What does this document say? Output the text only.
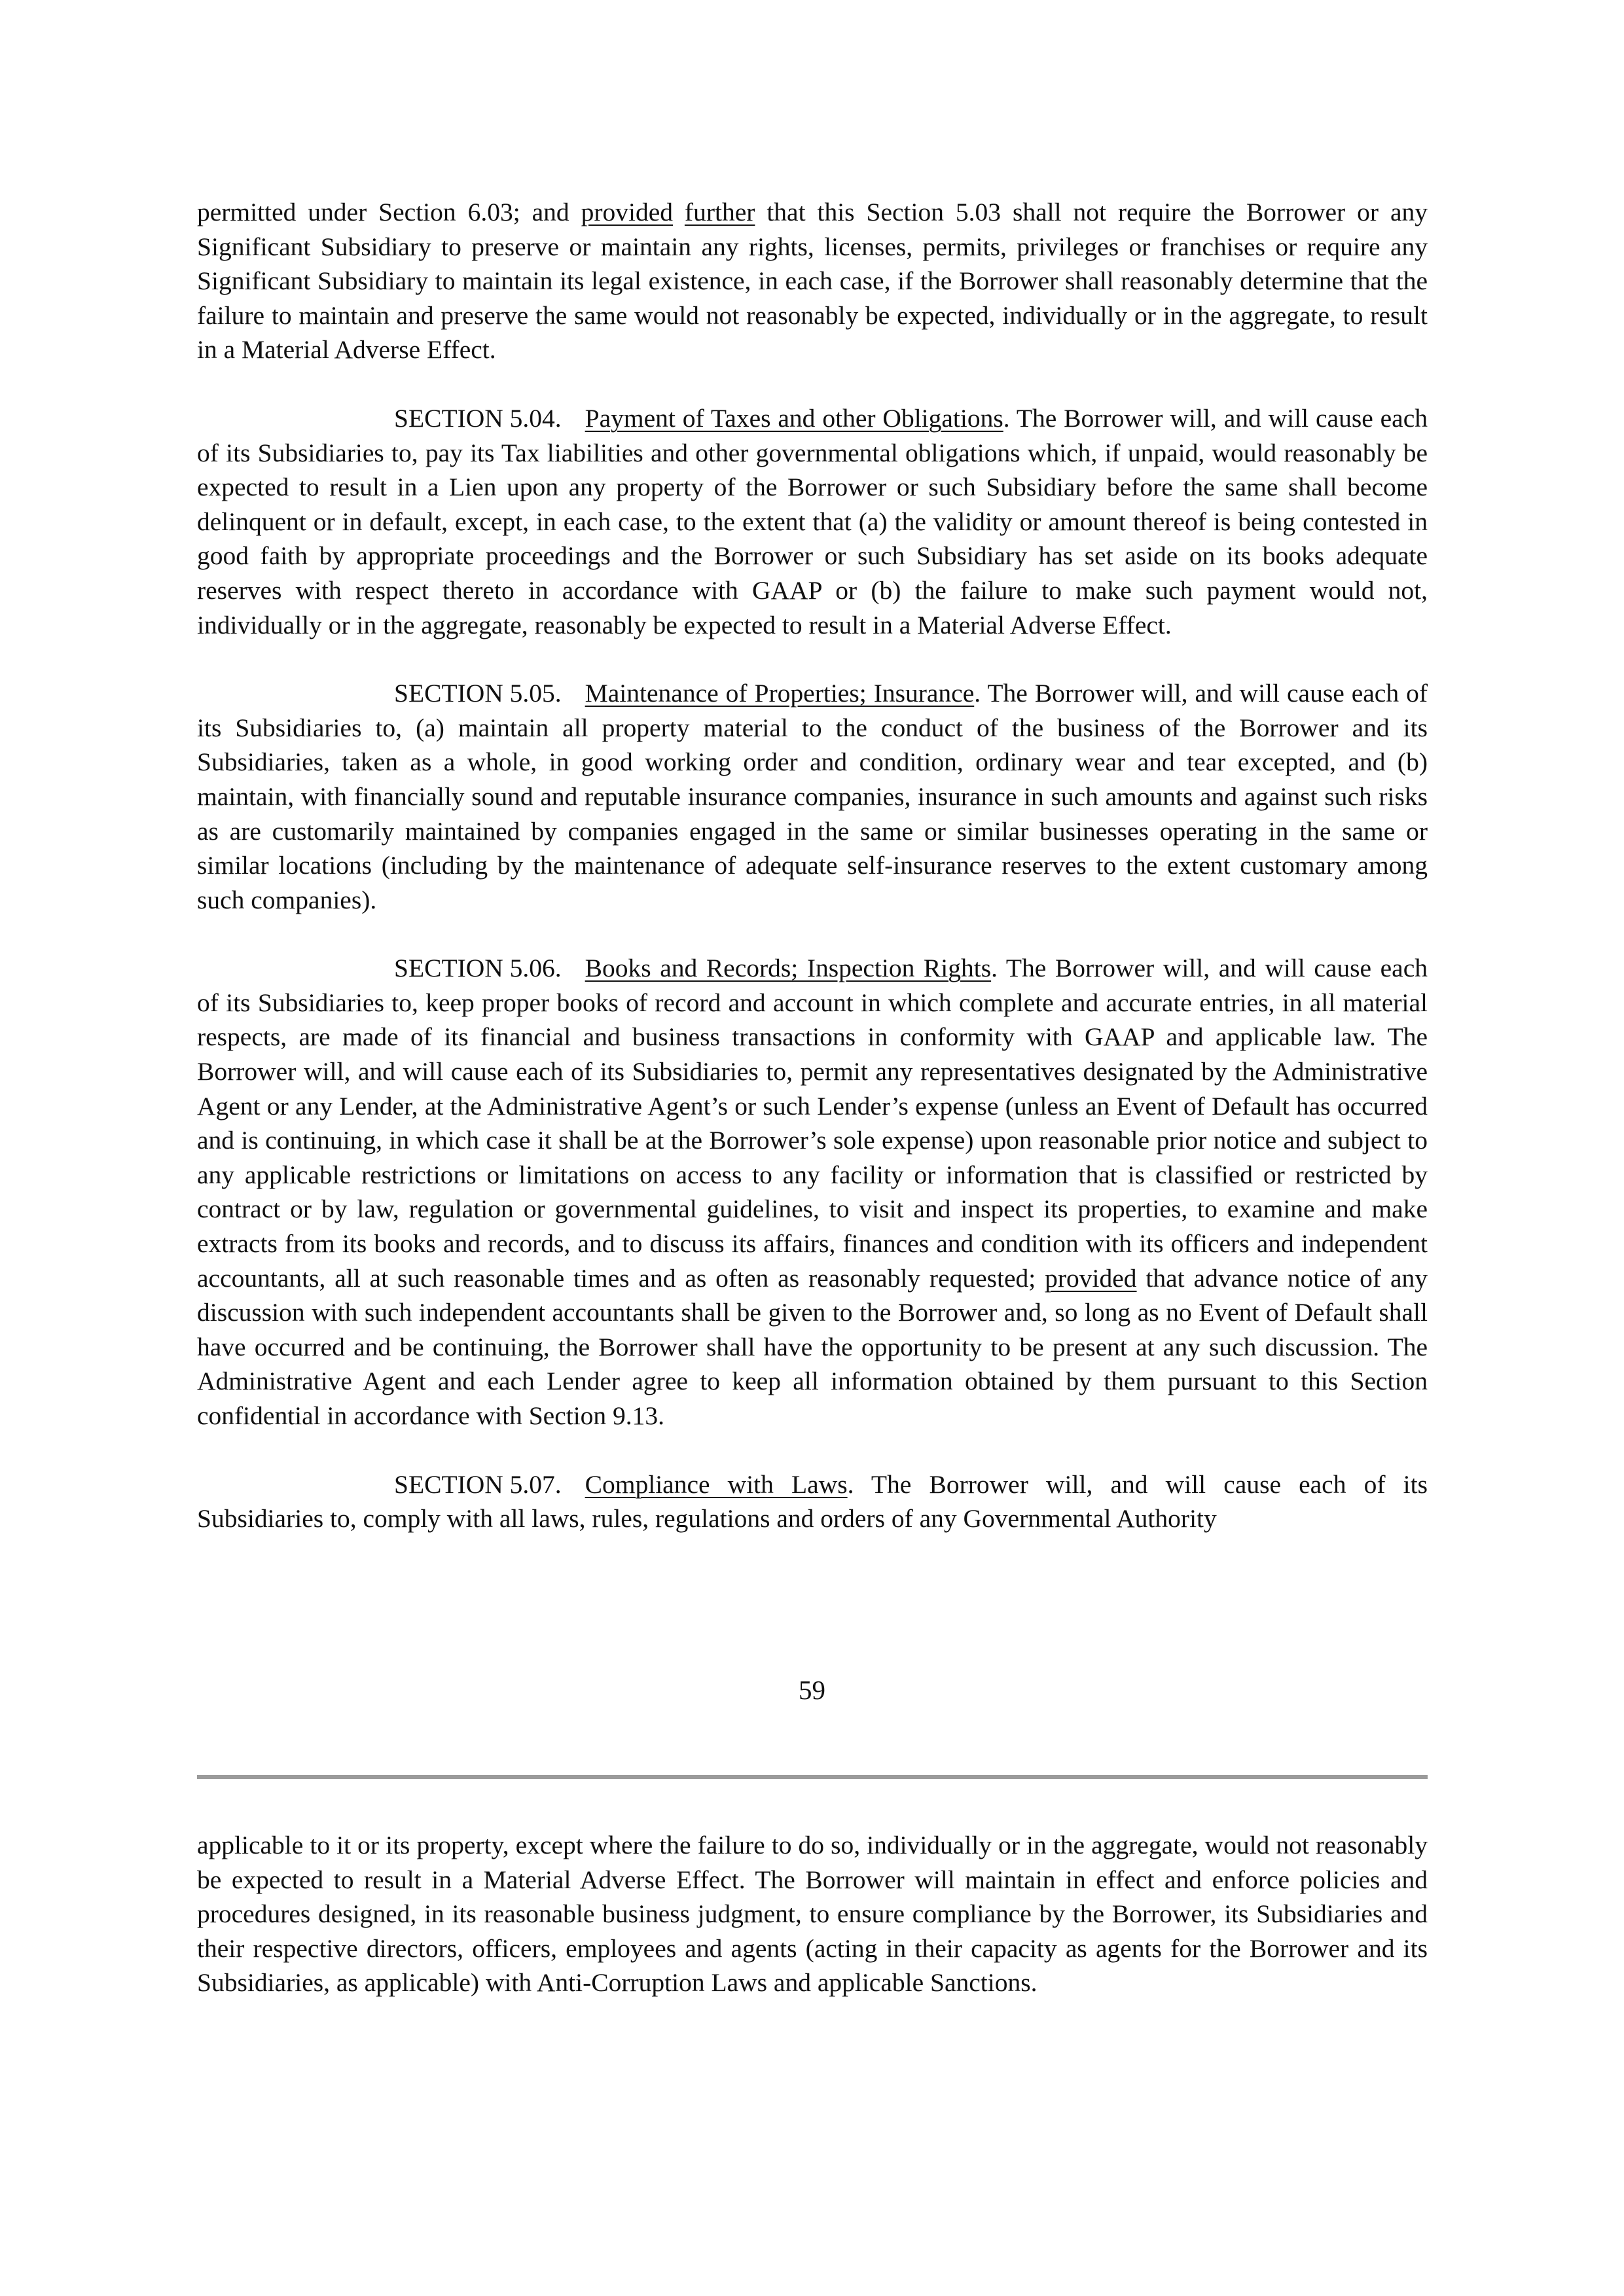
permitted under Section 6.03; and provided further that this Section 5.03 shall not require the Borrower or any Significant Subsidiary to preserve or maintain any rights, licenses, permits, privileges or franchises or require any Significant Subsidiary to maintain its legal existence, in each case, if the Borrower shall reasonably determine that the failure to maintain and preserve the same would not reasonably be expected, individually or in the aggregate, to result in a Material Adverse Effect.

SECTION 5.04. Payment of Taxes and other Obligations. The Borrower will, and will cause each of its Subsidiaries to, pay its Tax liabilities and other governmental obligations which, if unpaid, would reasonably be expected to result in a Lien upon any property of the Borrower or such Subsidiary before the same shall become delinquent or in default, except, in each case, to the extent that (a) the validity or amount thereof is being contested in good faith by appropriate proceedings and the Borrower or such Subsidiary has set aside on its books adequate reserves with respect thereto in accordance with GAAP or (b) the failure to make such payment would not, individually or in the aggregate, reasonably be expected to result in a Material Adverse Effect.

SECTION 5.05. Maintenance of Properties; Insurance. The Borrower will, and will cause each of its Subsidiaries to, (a) maintain all property material to the conduct of the business of the Borrower and its Subsidiaries, taken as a whole, in good working order and condition, ordinary wear and tear excepted, and (b) maintain, with financially sound and reputable insurance companies, insurance in such amounts and against such risks as are customarily maintained by companies engaged in the same or similar businesses operating in the same or similar locations (including by the maintenance of adequate self-insurance reserves to the extent customary among such companies).

SECTION 5.06. Books and Records; Inspection Rights. The Borrower will, and will cause each of its Subsidiaries to, keep proper books of record and account in which complete and accurate entries, in all material respects, are made of its financial and business transactions in conformity with GAAP and applicable law. The Borrower will, and will cause each of its Subsidiaries to, permit any representatives designated by the Administrative Agent or any Lender, at the Administrative Agent’s or such Lender’s expense (unless an Event of Default has occurred and is continuing, in which case it shall be at the Borrower’s sole expense) upon reasonable prior notice and subject to any applicable restrictions or limitations on access to any facility or information that is classified or restricted by contract or by law, regulation or governmental guidelines, to visit and inspect its properties, to examine and make extracts from its books and records, and to discuss its affairs, finances and condition with its officers and independent accountants, all at such reasonable times and as often as reasonably requested; provided that advance notice of any discussion with such independent accountants shall be given to the Borrower and, so long as no Event of Default shall have occurred and be continuing, the Borrower shall have the opportunity to be present at any such discussion. The Administrative Agent and each Lender agree to keep all information obtained by them pursuant to this Section confidential in accordance with Section 9.13.

SECTION 5.07. Compliance with Laws. The Borrower will, and will cause each of its Subsidiaries to, comply with all laws, rules, regulations and orders of any Governmental Authority

59

applicable to it or its property, except where the failure to do so, individually or in the aggregate, would not reasonably be expected to result in a Material Adverse Effect. The Borrower will maintain in effect and enforce policies and procedures designed, in its reasonable business judgment, to ensure compliance by the Borrower, its Subsidiaries and their respective directors, officers, employees and agents (acting in their capacity as agents for the Borrower and its Subsidiaries, as applicable) with Anti-Corruption Laws and applicable Sanctions.
